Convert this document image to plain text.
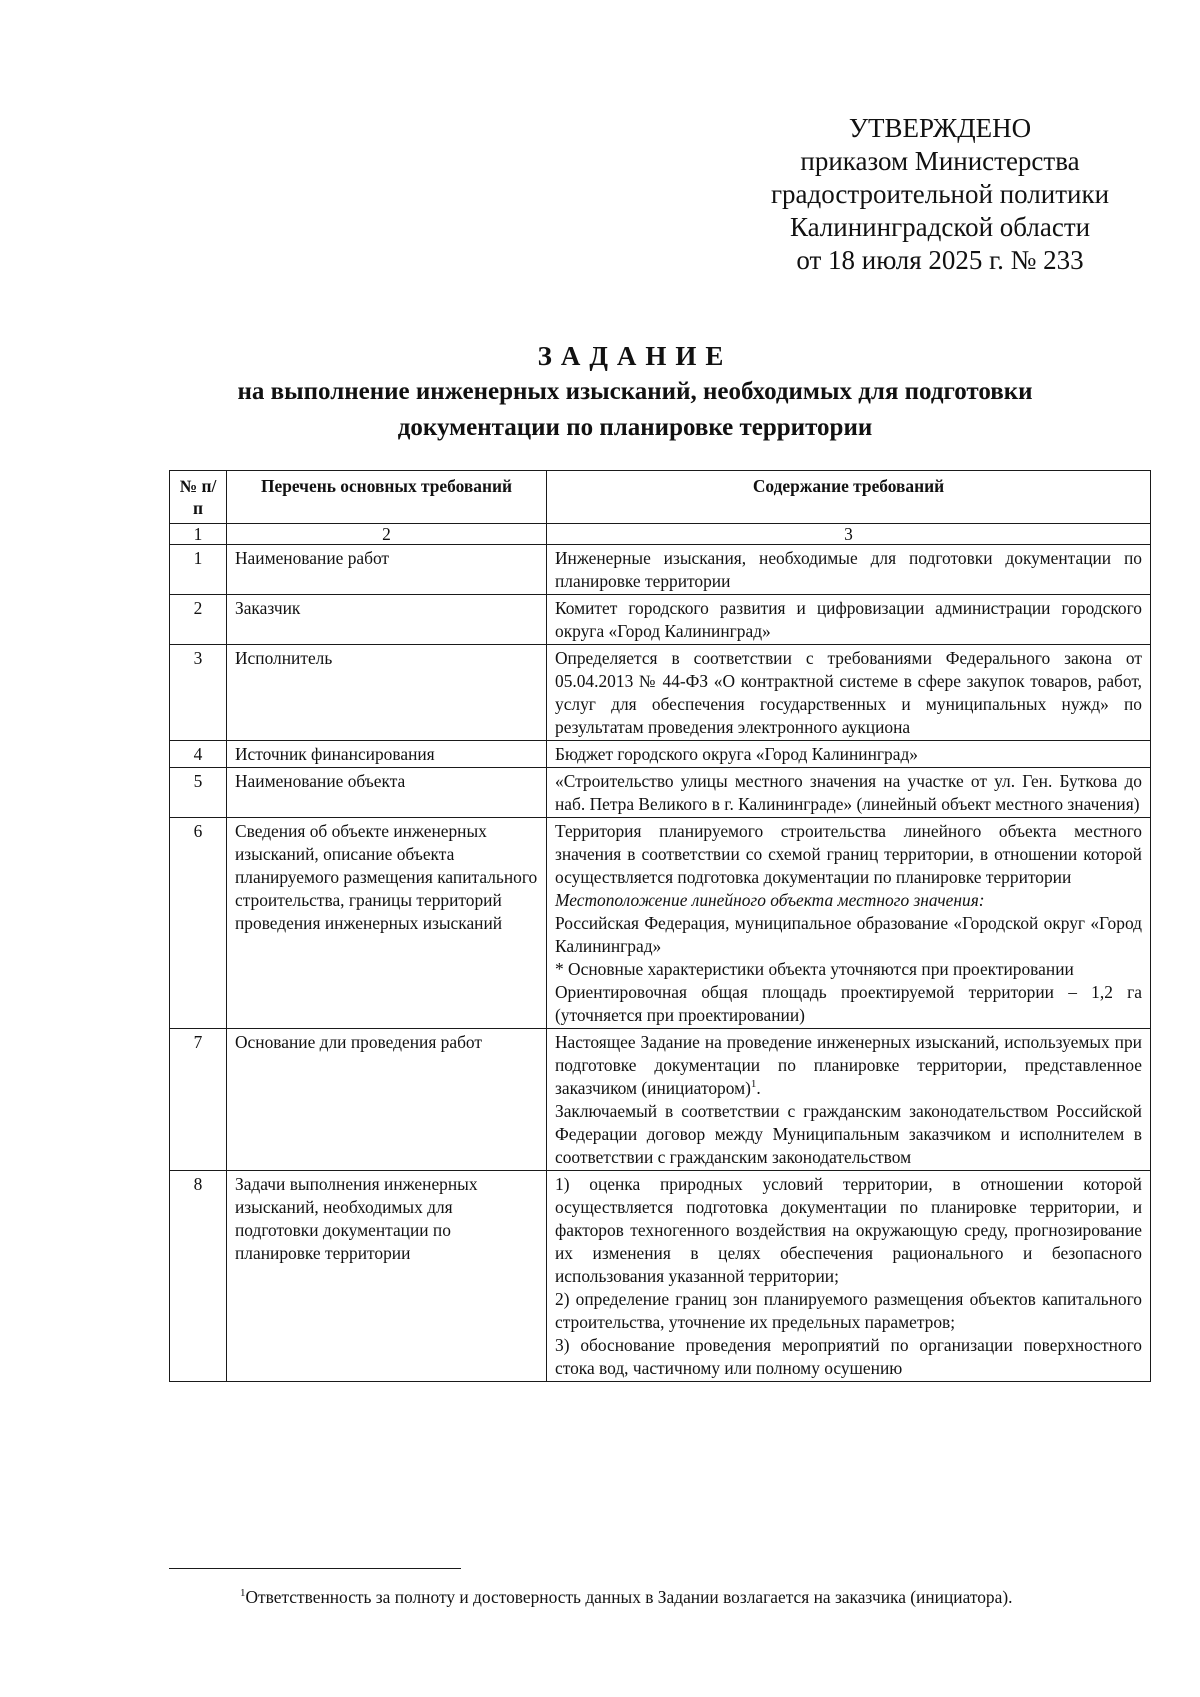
УТВЕРЖДЕНО
приказом Министерства
градостроительной политики
Калининградской области
от 18 июля 2025 г. № 233
ЗАДАНИЕ
на выполнение инженерных изысканий, необходимых для подготовки
документации по планировке территории
№ п/п	Перечень основных требований	Содержание требований
1	2	3
1	Наименование работ	Инженерные изыскания, необходимые для подготовки документации по планировке территории

2	Заказчик	Комитет городского развития и цифровизации администрации городского округа «Город Калининград»

3	Исполнитель	Определяется в соответствии с требованиями Федерального закона от 05.04.2013 № 44-ФЗ «О контрактной системе в сфере закупок товаров, работ, услуг для обеспечения государственных и муниципальных нужд» по результатам проведения электронного аукциона

4	Источник финансирования	Бюджет городского округа «Город Калининград»

5	Наименование объекта	«Строительство улицы местного значения на участке от ул. Ген. Буткова до наб. Петра Великого в г. Калининграде» (линейный объект местного значения)

6	Сведения об объекте инженерных изысканий, описание объекта планируемого размещения капитального строительства, границы территорий проведения инженерных изысканий	Территория планируемого строительства линейного объекта местного значения в соответствии со схемой границ территории, в отношении которой осуществляется подготовка документации по планировке территории

Местоположение линейного объекта местного значения:

Российская Федерация, муниципальное образование «Городской округ «Город Калининград»

* Основные характеристики объекта уточняются при проектировании

Ориентировочная общая площадь проектируемой территории – 1,2 га (уточняется при проектировании)

7	Основание дли проведения работ	Настоящее Задание на проведение инженерных изысканий, используемых при подготовке документации по планировке территории, представленное заказчиком (инициатором)$^1$.

Заключаемый в соответствии с гражданским законодательством Российской Федерации договор между Муниципальным заказчиком и исполнителем в соответствии с гражданским законодательством

8	Задачи выполнения инженерных изысканий, необходимых для подготовки документации по планировке территории	1) оценка природных условий территории, в отношении которой осуществляется подготовка документации по планировке территории, и факторов техногенного воздействия на окружающую среду, прогнозирование их изменения в целях обеспечения рационального и безопасного использования указанной территории;

2) определение границ зон планируемого размещения объектов капитального строительства, уточнение их предельных параметров;

3) обоснование проведения мероприятий по организации поверхностного стока вод, частичному или полному осушению

$^1$Ответственность за полноту и достоверность данных в Задании возлагается на заказчика (инициатора).
